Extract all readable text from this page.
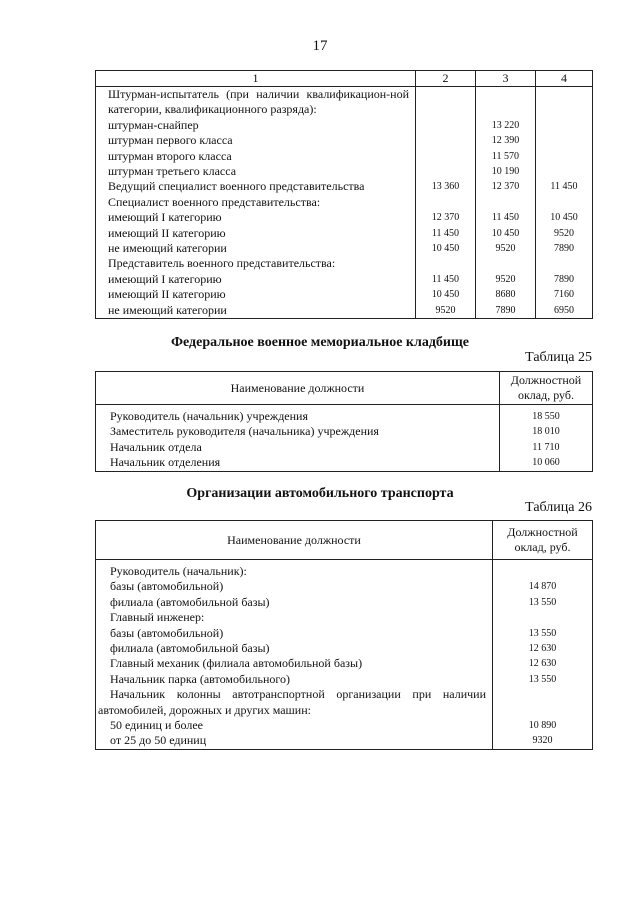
17
1	2	3	4
Штурман-испытатель (при наличии квалификацион-ной категории, квалификационного разряда):			
штурман-снайпер		13 220	
штурман первого класса		12 390	
штурман второго класса		11 570	
штурман третьего класса		10 190	
Ведущий специалист военного представительства	13 360	12 370	11 450
Специалист военного представительства:			
имеющий I категорию	12 370	11 450	10 450
имеющий II категорию	11 450	10 450	9520
не имеющий категории	10 450	9520	7890
Представитель военного представительства:			
имеющий I категорию	11 450	9520	7890
имеющий II категорию	10 450	8680	7160
не имеющий категории	9520	7890	6950
Федеральное военное мемориальное кладбище
Таблица 25
Наименование должности	Должностной
оклад, руб.

Руководитель (начальник) учреждения	18 550
Заместитель руководителя (начальника) учреждения	18 010
Начальник отдела	11 710
Начальник отделения	10 060
Организации автомобильного транспорта
Таблица 26
Наименование должности	Должностной
оклад, руб.
Руководитель (начальник):	
базы (автомобильной)	14 870
филиала (автомобильной базы)	13 550
Главный инженер:	
базы (автомобильной)	13 550
филиала (автомобильной базы)	12 630
Главный механик (филиала автомобильной базы)	12 630
Начальник парка (автомобильного)	13 550
Начальник колонны автотранспортной организации при наличии автомобилей, дорожных и других машин:	
50 единиц и более	10 890
от 25 до 50 единиц	9320
